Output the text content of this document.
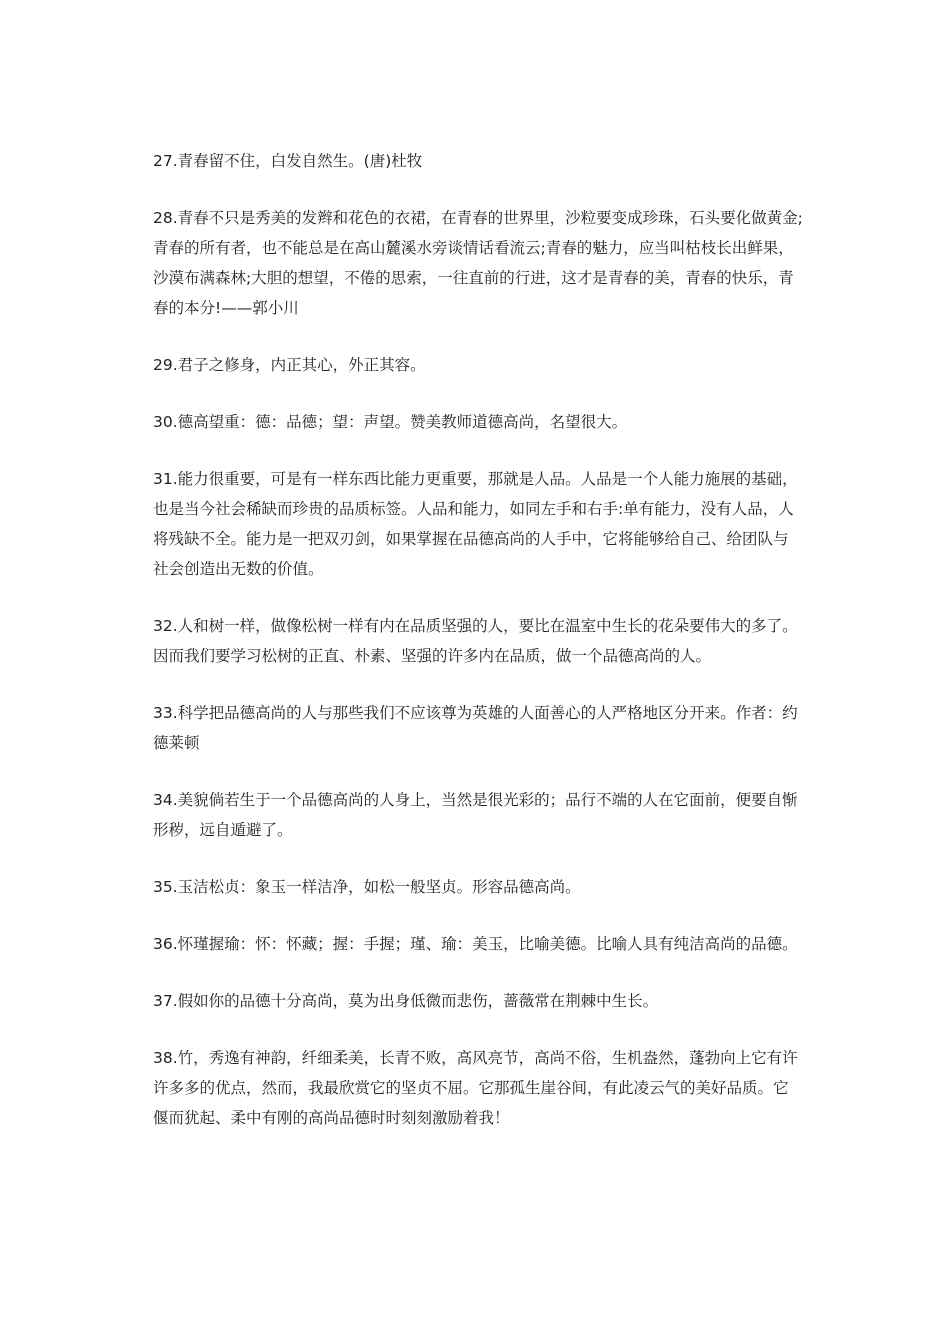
27.青春留不住，白发自然生。(唐)杜牧

28.青春不只是秀美的发辫和花色的衣裙，在青春的世界里，沙粒要变成珍珠，石头要化做黄金;青春的所有者，也不能总是在高山麓溪水旁谈情话看流云;青春的魅力，应当叫枯枝长出鲜果，沙漠布满森林;大胆的想望，不倦的思索，一往直前的行进，这才是青春的美，青春的快乐，青春的本分!——郭小川

29.君子之修身，内正其心，外正其容。

30.德高望重：德：品德；望：声望。赞美教师道德高尚，名望很大。

31.能力很重要，可是有一样东西比能力更重要，那就是人品。人品是一个人能力施展的基础，也是当今社会稀缺而珍贵的品质标签。人品和能力，如同左手和右手:单有能力，没有人品，人将残缺不全。能力是一把双刃剑，如果掌握在品德高尚的人手中，它将能够给自己、给团队与社会创造出无数的价值。

32.人和树一样，做像松树一样有内在品质坚强的人，要比在温室中生长的花朵要伟大的多了。因而我们要学习松树的正直、朴素、坚强的许多内在品质，做一个品德高尚的人。

33.科学把品德高尚的人与那些我们不应该尊为英雄的人面善心的人严格地区分开来。作者：约德莱顿

34.美貌倘若生于一个品德高尚的人身上，当然是很光彩的；品行不端的人在它面前，便要自惭形秽，远自遁避了。

35.玉洁松贞：象玉一样洁净，如松一般坚贞。形容品德高尚。

36.怀瑾握瑜：怀：怀藏；握：手握；瑾、瑜：美玉，比喻美德。比喻人具有纯洁高尚的品德。

37.假如你的品德十分高尚，莫为出身低微而悲伤，蔷薇常在荆棘中生长。

38.竹，秀逸有神韵，纤细柔美，长青不败，高风亮节，高尚不俗，生机盎然，蓬勃向上它有许许多多的优点，然而，我最欣赏它的坚贞不屈。它那孤生崖谷间，有此凌云气的美好品质。它偃而犹起、柔中有刚的高尚品德时时刻刻激励着我！
